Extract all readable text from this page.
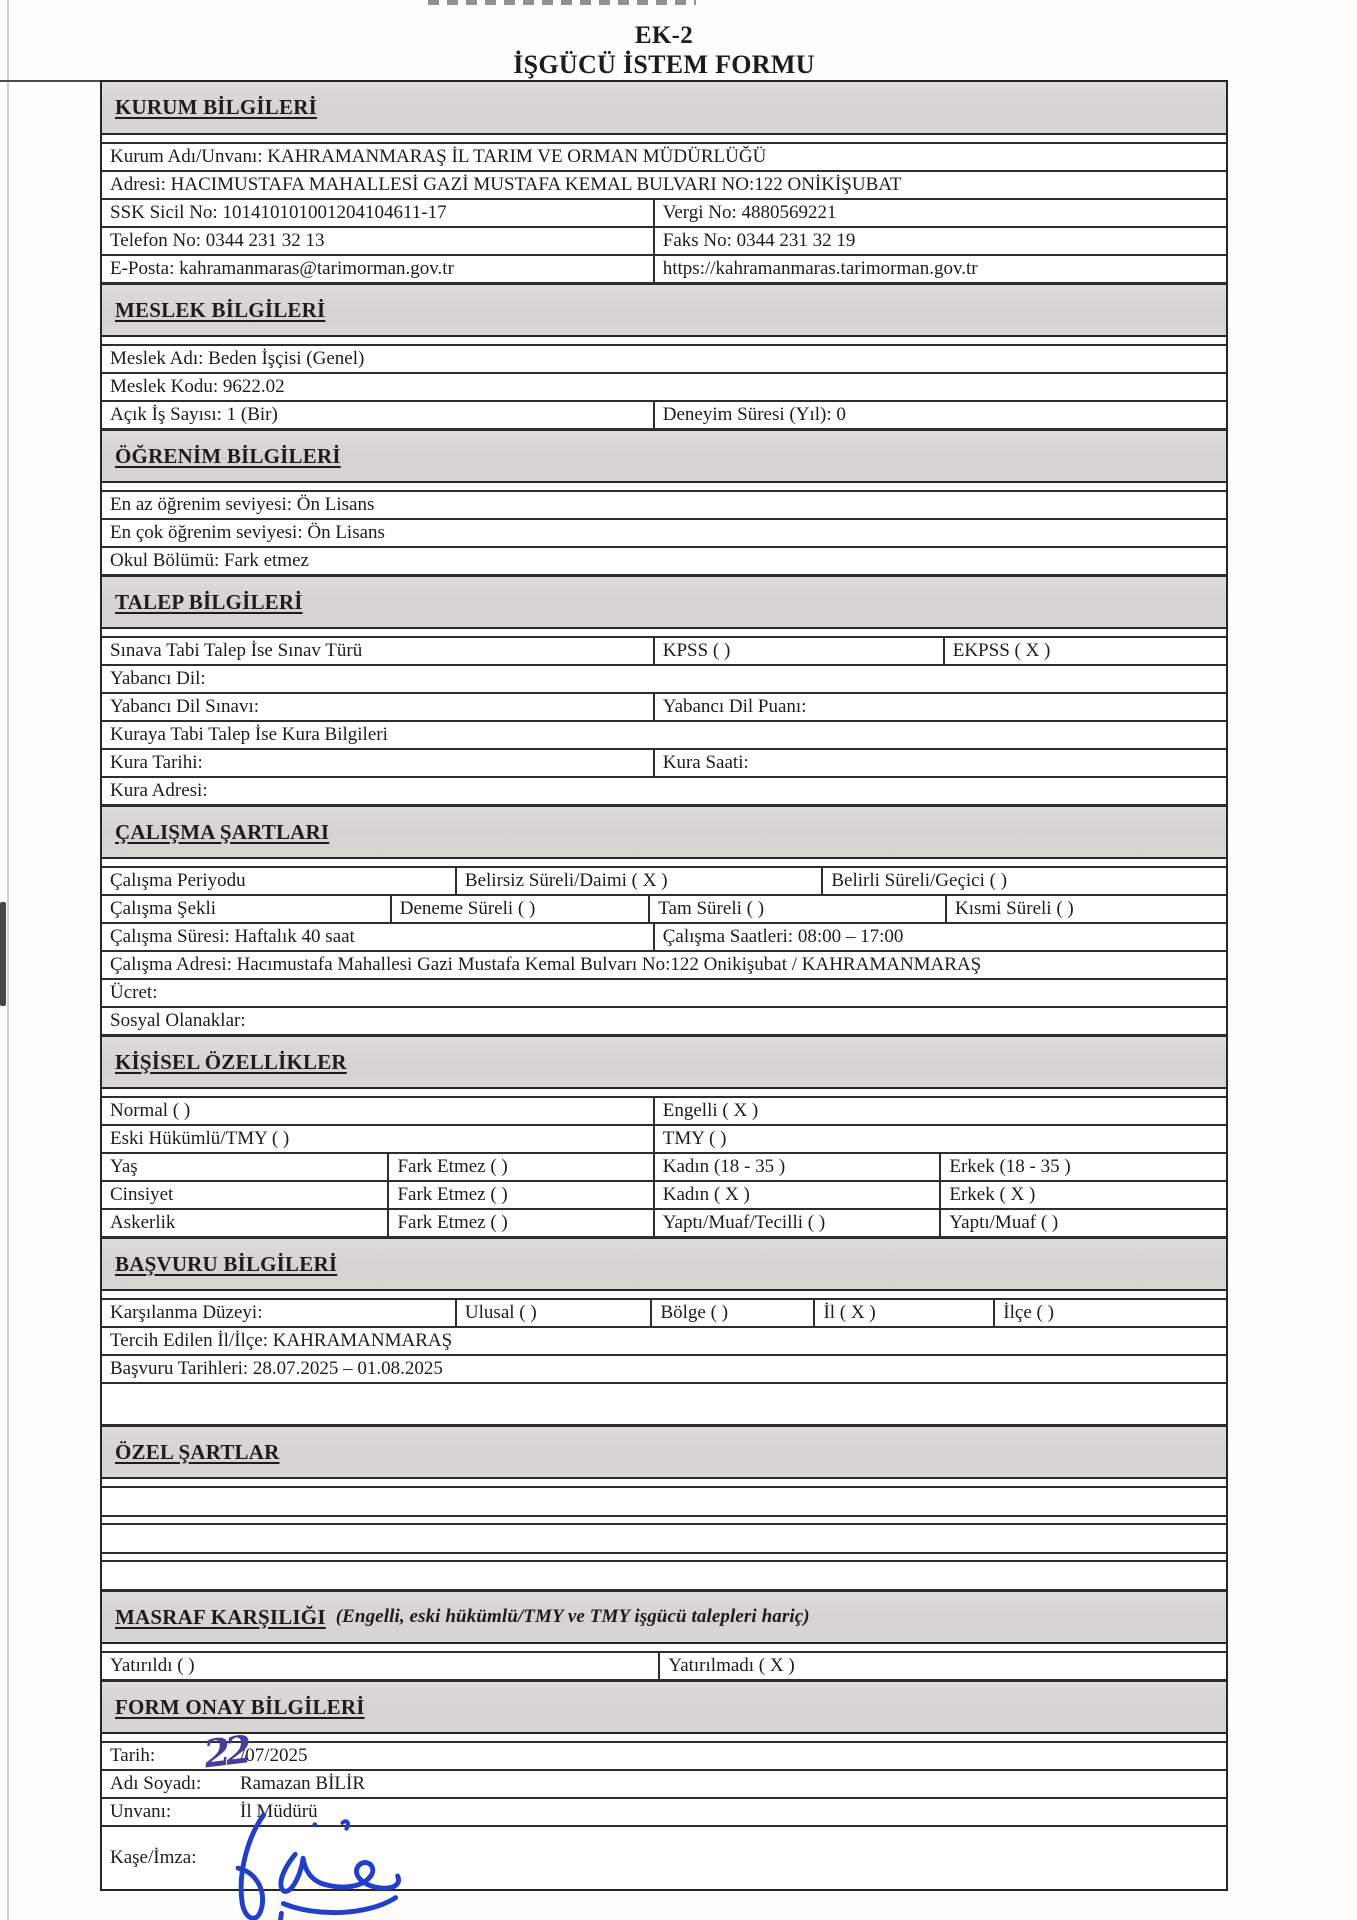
EK-2
İŞGÜCÜ İSTEM FORMU
KURUM BİLGİLERİ
Kurum Adı/Unvanı: KAHRAMANMARAŞ İL TARIM VE ORMAN MÜDÜRLÜĞÜ
Adresi: HACIMUSTAFA MAHALLESİ GAZİ MUSTAFA KEMAL BULVARI NO:122 ONİKİŞUBAT
SSK Sicil No: 101410101001204104611-17	Vergi No: 4880569221
Telefon No: 0344 231 32 13	Faks No: 0344 231 32 19
E-Posta: kahramanmaras@tarimorman.gov.tr	https://kahramanmaras.tarimorman.gov.tr
MESLEK BİLGİLERİ
Meslek Adı: Beden İşçisi (Genel)
Meslek Kodu: 9622.02
Açık İş Sayısı: 1 (Bir)	Deneyim Süresi (Yıl): 0
ÖĞRENİM BİLGİLERİ
En az öğrenim seviyesi: Ön Lisans
En çok öğrenim seviyesi: Ön Lisans
Okul Bölümü: Fark etmez
TALEP BİLGİLERİ
Sınava Tabi Talep İse Sınav Türü	KPSS ( )	EKPSS ( X )
Yabancı Dil:
Yabancı Dil Sınavı:	Yabancı Dil Puanı:
Kuraya Tabi Talep İse Kura Bilgileri
Kura Tarihi:	Kura Saati:
Kura Adresi:
ÇALIŞMA ŞARTLARI
Çalışma Periyodu	Belirsiz Süreli/Daimi ( X )	Belirli Süreli/Geçici ( )
Çalışma Şekli	Deneme Süreli ( )	Tam Süreli ( )	Kısmi Süreli ( )
Çalışma Süresi: Haftalık 40 saat	Çalışma Saatleri: 08:00 – 17:00
Çalışma Adresi: Hacımustafa Mahallesi Gazi Mustafa Kemal Bulvarı No:122 Onikişubat / KAHRAMANMARAŞ
Ücret:
Sosyal Olanaklar:
KİŞİSEL ÖZELLİKLER
Normal ( )	Engelli ( X )
Eski Hükümlü/TMY ( )	TMY ( )
Yaş	Fark Etmez ( )	Kadın (18 - 35 )	Erkek (18 - 35 )
Cinsiyet	Fark Etmez ( )	Kadın ( X )	Erkek ( X )
Askerlik	Fark Etmez ( )	Yaptı/Muaf/Tecilli ( )	Yaptı/Muaf ( )
BAŞVURU BİLGİLERİ
Karşılanma Düzeyi:	Ulusal ( )	Bölge ( )	İl ( X )	İlçe ( )
Tercih Edilen İl/İlçe: KAHRAMANMARAŞ
Başvuru Tarihleri: 28.07.2025 – 01.08.2025
ÖZEL ŞARTLAR
MASRAF KARŞILIĞI (Engelli, eski hükümlü/TMY ve TMY işgücü talepleri hariç)
Yatırıldı ( )	Yatırılmadı ( X )
FORM ONAY BİLGİLERİ
Tarih:	/07/2025
22
Adı Soyadı:	Ramazan BİLİR
Unvanı:	İl Müdürü
Kaşe/İmza:
